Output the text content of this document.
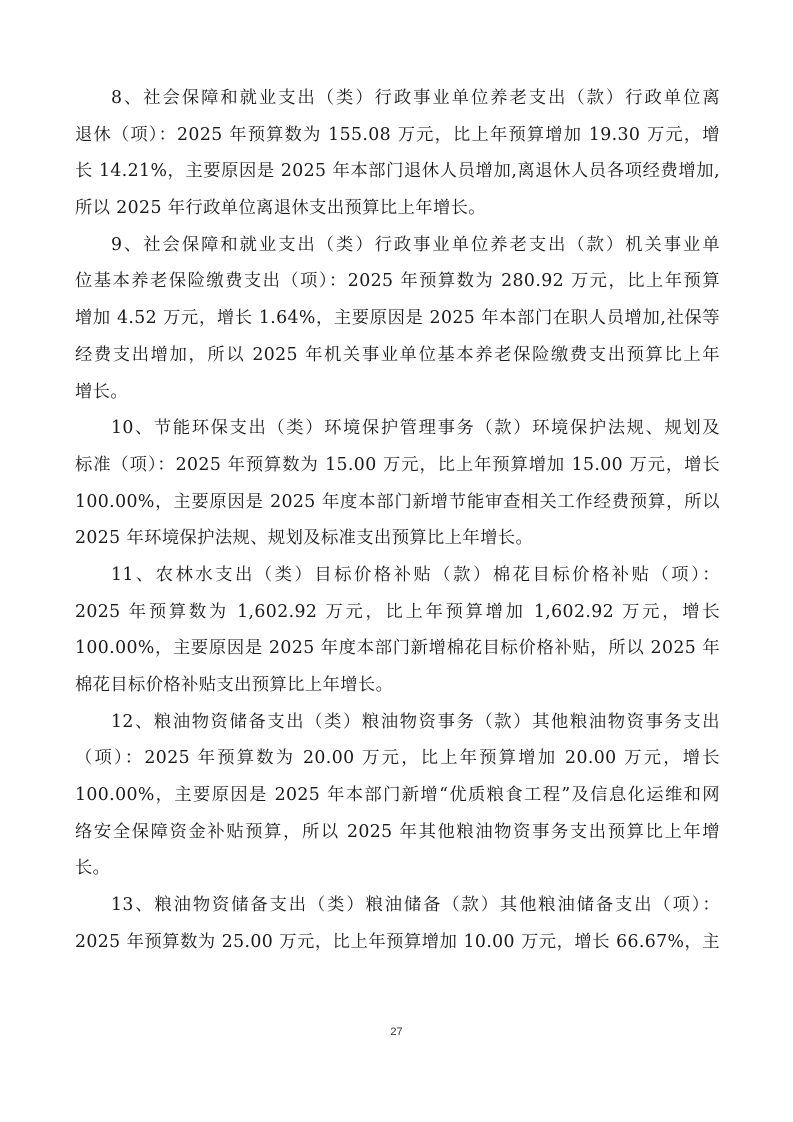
8、社会保障和就业支出（类）行政事业单位养老支出（款）行政单位离
退休（项）：2025 年预算数为 155.08 万元，比上年预算增加 19.30 万元，增
长 14.21%，主要原因是 2025 年本部门退休人员增加,离退休人员各项经费增加,
所以 2025 年行政单位离退休支出预算比上年增长。
9、社会保障和就业支出（类）行政事业单位养老支出（款）机关事业单
位基本养老保险缴费支出（项）：2025 年预算数为 280.92 万元，比上年预算
增加 4.52 万元，增长 1.64%，主要原因是 2025 年本部门在职人员增加,社保等
经费支出增加，所以 2025 年机关事业单位基本养老保险缴费支出预算比上年
增长。
10、节能环保支出（类）环境保护管理事务（款）环境保护法规、规划及
标准（项）：2025 年预算数为 15.00 万元，比上年预算增加 15.00 万元，增长
100.00%，主要原因是 2025 年度本部门新增节能审查相关工作经费预算，所以
2025 年环境保护法规、规划及标准支出预算比上年增长。
11、农林水支出（类）目标价格补贴（款）棉花目标价格补贴（项）：
2025 年预算数为 1,602.92 万元，比上年预算增加 1,602.92 万元，增长
100.00%，主要原因是 2025 年度本部门新增棉花目标价格补贴，所以 2025 年
棉花目标价格补贴支出预算比上年增长。
12、粮油物资储备支出（类）粮油物资事务（款）其他粮油物资事务支出
（项）：2025 年预算数为 20.00 万元，比上年预算增加 20.00 万元，增长
100.00%，主要原因是 2025 年本部门新增“优质粮食工程”及信息化运维和网
络安全保障资金补贴预算，所以 2025 年其他粮油物资事务支出预算比上年增
长。
13、粮油物资储备支出（类）粮油储备（款）其他粮油储备支出（项）：
2025 年预算数为 25.00 万元，比上年预算增加 10.00 万元，增长 66.67%，主
27
